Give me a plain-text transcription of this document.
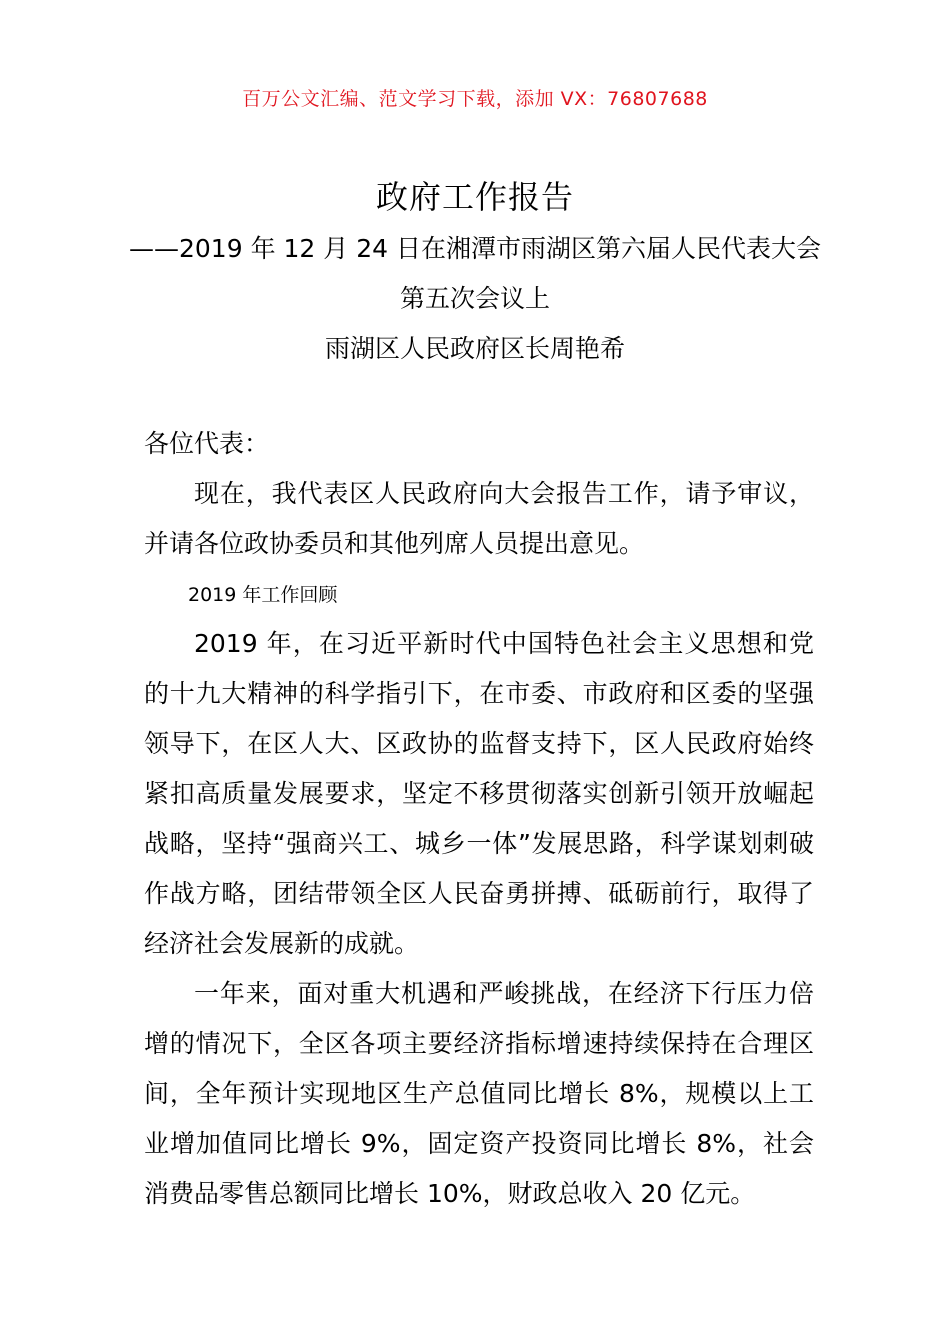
百万公文汇编、范文学习下载，添加 VX：76807688
政府工作报告
——2019 年 12 月 24 日在湘潭市雨湖区第六届人民代表大会
第五次会议上
雨湖区人民政府区长周艳希
各位代表：
现在，我代表区人民政府向大会报告工作，请予审议，并请各位政协委员和其他列席人员提出意见。
2019 年工作回顾
2019 年，在习近平新时代中国特色社会主义思想和党的十九大精神的科学指引下，在市委、市政府和区委的坚强领导下，在区人大、区政协的监督支持下，区人民政府始终紧扣高质量发展要求，坚定不移贯彻落实创新引领开放崛起战略，坚持“强商兴工、城乡一体”发展思路，科学谋划刺破作战方略，团结带领全区人民奋勇拼搏、砥砺前行，取得了经济社会发展新的成就。
一年来，面对重大机遇和严峻挑战，在经济下行压力倍增的情况下，全区各项主要经济指标增速持续保持在合理区间，全年预计实现地区生产总值同比增长 8%，规模以上工业增加值同比增长 9%，固定资产投资同比增长 8%，社会消费品零售总额同比增长 10%，财政总收入 20 亿元。
